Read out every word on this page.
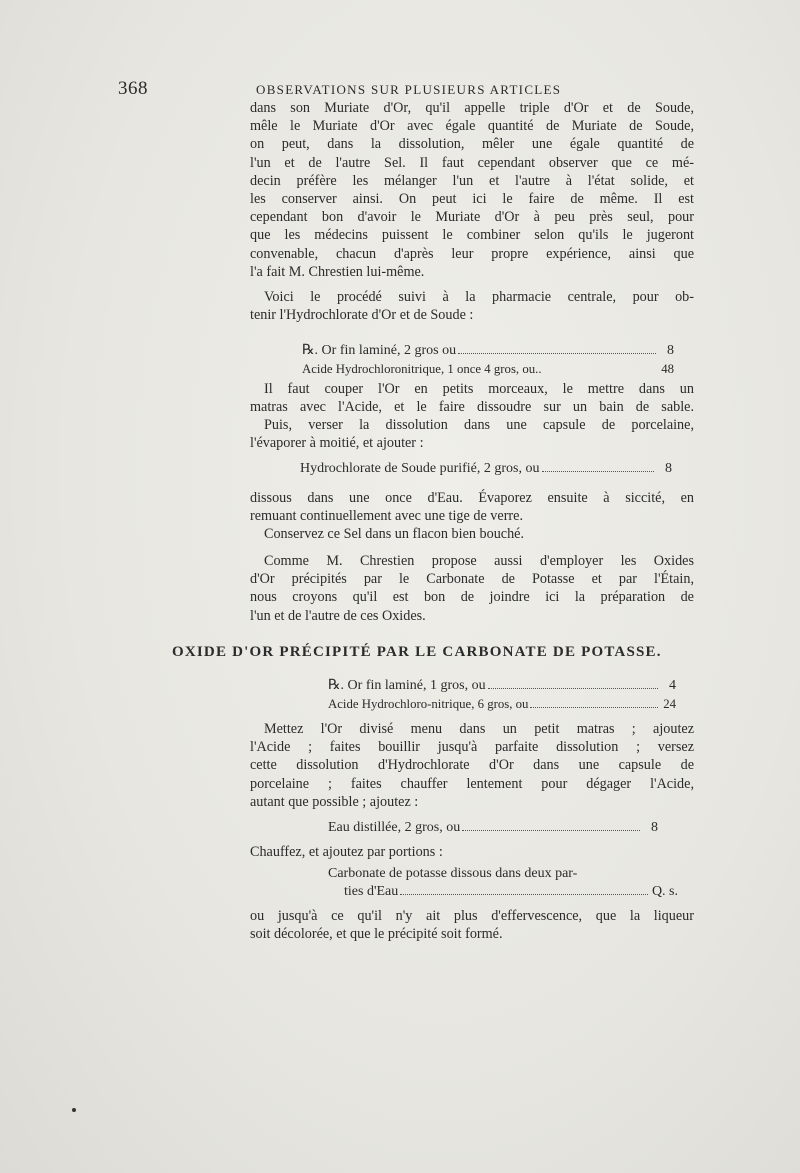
368	OBSERVATIONS SUR PLUSIEURS ARTICLES
dans son Muriate d'Or, qu'il appelle triple d'Or et de Soude,
mêle le Muriate d'Or avec égale quantité de Muriate de Soude,
on peut, dans la dissolution, mêler une égale quantité de
l'un et de l'autre Sel. Il faut cependant observer que ce mé-
decin préfère les mélanger l'un et l'autre à l'état solide, et
les conserver ainsi. On peut ici le faire de même. Il est
cependant bon d'avoir le Muriate d'Or à peu près seul, pour
que les médecins puissent le combiner selon qu'ils le jugeront
convenable, chacun d'après leur propre expérience, ainsi que
l'a fait M. Chrestien lui-même.
Voici le procédé suivi à la pharmacie centrale, pour ob-
tenir l'Hydrochlorate d'Or et de Soude :
℞. Or fin laminé, 2 gros ou	8
Acide Hydrochloronitrique, 1 once 4 gros, ou..	48
Il faut couper l'Or en petits morceaux, le mettre dans un
matras avec l'Acide, et le faire dissoudre sur un bain de sable.
Puis, verser la dissolution dans une capsule de porcelaine,
l'évaporer à moitié, et ajouter :
Hydrochlorate de Soude purifié, 2 gros, ou	8
dissous dans une once d'Eau. Évaporez ensuite à siccité, en
remuant continuellement avec une tige de verre.
Conservez ce Sel dans un flacon bien bouché.
Comme M. Chrestien propose aussi d'employer les Oxides
d'Or précipités par le Carbonate de Potasse et par l'Étain,
nous croyons qu'il est bon de joindre ici la préparation de
l'un et de l'autre de ces Oxides.
OXIDE D'OR PRÉCIPITÉ PAR LE CARBONATE DE POTASSE.
℞. Or fin laminé, 1 gros, ou	4
Acide Hydrochloro-nitrique, 6 gros, ou	24
Mettez l'Or divisé menu dans un petit matras ; ajoutez
l'Acide ; faites bouillir jusqu'à parfaite dissolution ; versez
cette dissolution d'Hydrochlorate d'Or dans une capsule de
porcelaine ; faites chauffer lentement pour dégager l'Acide,
autant que possible ; ajoutez :
Eau distillée, 2 gros, ou	8
Chauffez, et ajoutez par portions :
Carbonate de potasse dissous dans deux par-
ties d'Eau	Q. s.
ou jusqu'à ce qu'il n'y ait plus d'effervescence, que la liqueur
soit décolorée, et que le précipité soit formé.
